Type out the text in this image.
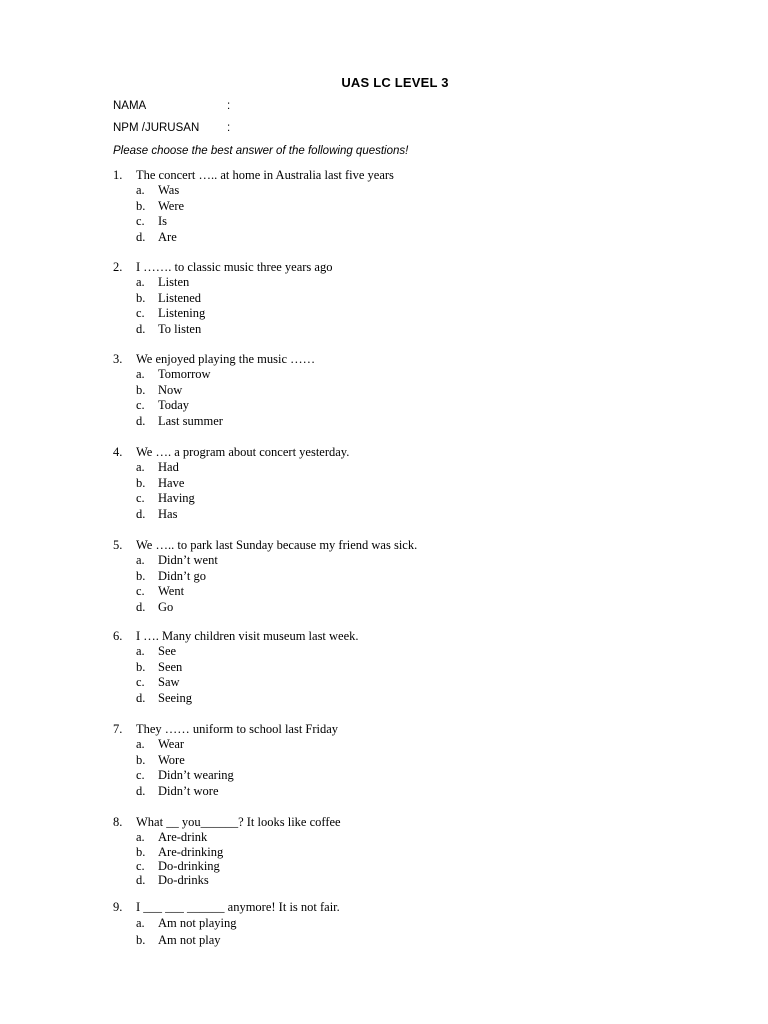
UAS LC LEVEL 3
NAMA	:
NPM /JURUSAN :
Please choose the best answer of the following questions!
1. The concert ….. at home in Australia last five years
a. Was
b. Were
c. Is
d. Are
2. I ……. to classic music three years ago
a. Listen
b. Listened
c. Listening
d. To listen
3. We enjoyed playing the music ……
a. Tomorrow
b. Now
c. Today
d. Last summer
4. We …. a program about concert yesterday.
a. Had
b. Have
c. Having
d. Has
5. We ….. to park last Sunday because my friend was sick.
a. Didn’t went
b. Didn’t go
c. Went
d. Go
6. I …. Many children visit museum last week.
a. See
b. Seen
c. Saw
d. Seeing
7. They …… uniform to school last Friday
a. Wear
b. Wore
c. Didn’t wearing
d. Didn’t wore
8. What __ you______? It looks like coffee
a. Are-drink
b. Are-drinking
c. Do-drinking
d. Do-drinks
9. I ___ ___ ______ anymore! It is not fair.
a. Am not playing
b. Am not play
